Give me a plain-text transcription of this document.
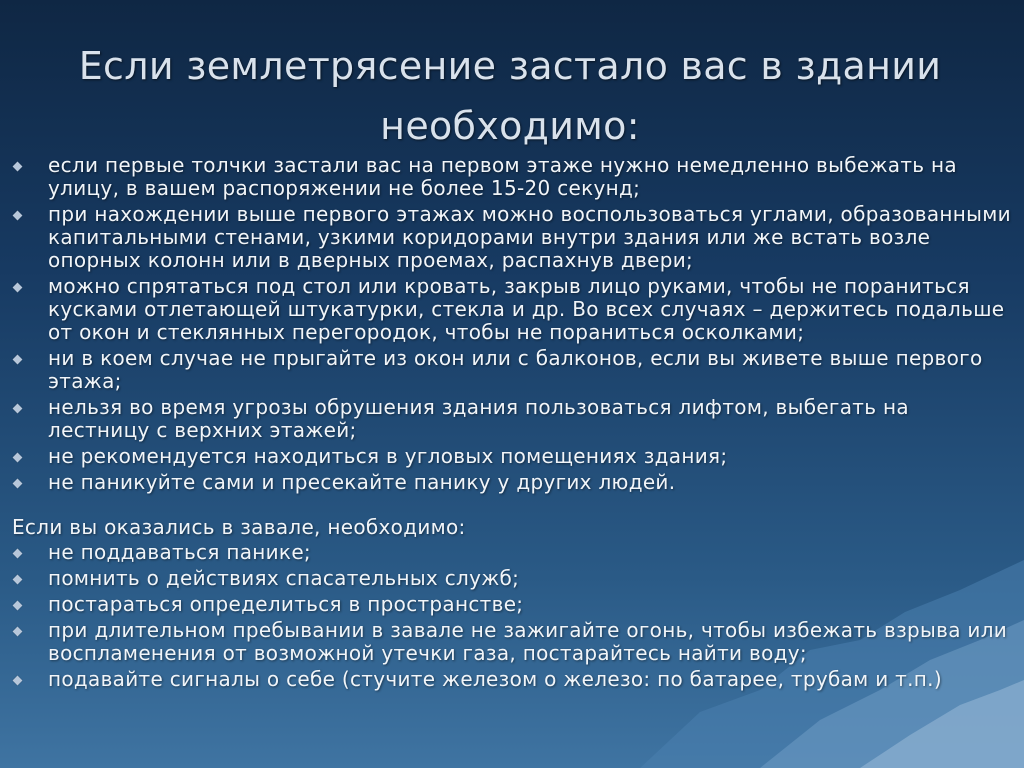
Если землетрясение застало вас в здании необходимо:
если первые толчки застали вас на первом этаже нужно немедленно выбежать на улицу, в вашем распоряжении не более 15-20 секунд;
при нахождении выше первого этажах можно воспользоваться углами, образованными капитальными стенами, узкими коридорами внутри здания или же встать возле опорных колонн или в дверных проемах, распахнув двери;
можно спрятаться под стол или кровать, закрыв лицо руками, чтобы не пораниться кусками отлетающей штукатурки, стекла и др. Во всех случаях – держитесь подальше от окон и стеклянных перегородок, чтобы не пораниться осколками;
ни в коем случае не прыгайте из окон или с балконов, если вы живете выше первого этажа;
нельзя во время угрозы обрушения здания пользоваться лифтом, выбегать на лестницу с верхних этажей;
не рекомендуется находиться в угловых помещениях здания;
не паникуйте сами и пресекайте панику у других людей.
Если вы оказались в завале, необходимо:
не поддаваться панике;
помнить о действиях спасательных служб;
постараться определиться в пространстве;
при длительном пребывании в завале не зажигайте огонь, чтобы избежать взрыва или воспламенения от возможной утечки газа, постарайтесь найти воду;
подавайте сигналы о себе (стучите железом о железо: по батарее, трубам и т.п.)
